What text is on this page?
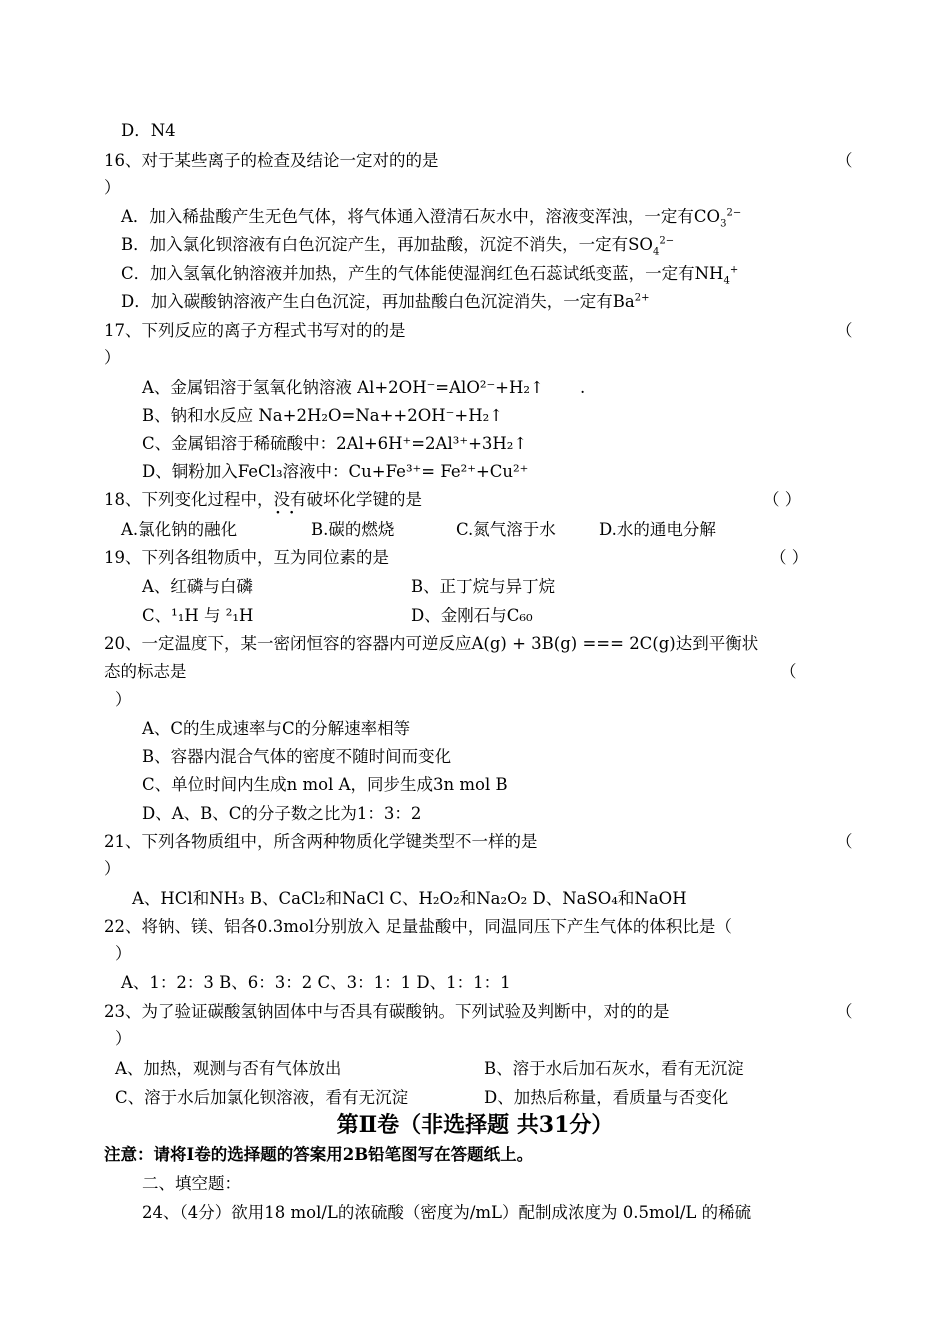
D．N4
16、对于某些离子的检查及结论一定对的的是	（
）
A．加入稀盐酸产生无色气体，将气体通入澄清石灰水中，溶液变浑浊，一定有$CO_3^{2-}$
B．加入氯化钡溶液有白色沉淀产生，再加盐酸，沉淀不消失，一定有$SO_4^{2-}$
C．加入氢氧化钠溶液并加热，产生的气体能使湿润红色石蕊试纸变蓝，一定有$NH_4^+$
D．加入碳酸钠溶液产生白色沉淀，再加盐酸白色沉淀消失，一定有$Ba^{2+}$
17、下列反应的离子方程式书写对的的是	（
）
A、金属铝溶于氢氧化钠溶液 Al+2OH⁻=AlO²⁻+H₂↑ .
B、钠和水反应 Na+2H₂O=Na++2OH⁻+H₂↑
C、金属铝溶于稀硫酸中：2Al+6H⁺=2Al³⁺+3H₂↑
D、铜粉加入FeCl₃溶液中：Cu+Fe³⁺= Fe²⁺+Cu²⁺
18、下列变化过程中，没有 · ·破坏化学键的是	（ ）
A.氯化钠的融化	B.碳的燃烧	C.氮气溶于水	D.水的通电分解
19、下列各组物质中，互为同位素的是	（ ）
A、红磷与白磷	B、正丁烷与异丁烷
C、¹₁H 与 ²₁H	D、金刚石与C₆₀
20、一定温度下，某一密闭恒容的容器内可逆反应A(g) + 3B(g) === 2C(g)达到平衡状
态的标志是	（
）
A、C的生成速率与C的分解速率相等
B、容器内混合气体的密度不随时间而变化
C、单位时间内生成n mol A，同步生成3n mol B
D、A、B、C的分子数之比为1：3：2
21、下列各物质组中，所含两种物质化学键类型不一样的是	（
）
A、HCl和NH₃ B、CaCl₂和NaCl C、H₂O₂和Na₂O₂ D、NaSO₄和NaOH
22、将钠、镁、铝各0.3mol分别放入 足量盐酸中，同温同压下产生气体的体积比是（
）
A、1：2：3 B、6：3：2 C、3：1：1 D、1：1：1
23、为了验证碳酸氢钠固体中与否具有碳酸钠。下列试验及判断中，对的的是	（
）
A、加热，观测与否有气体放出	B、溶于水后加石灰水，看有无沉淀
C、溶于水后加氯化钡溶液，看有无沉淀	D、加热后称量，看质量与否变化
第Ⅱ卷（非选择题 共31分）
注意：请将Ⅰ卷的选择题的答案用2B铅笔图写在答题纸上。
二、填空题：
24、（4分）欲用18 mol/L的浓硫酸（密度为/mL）配制成浓度为 0.5mol/L 的稀硫
